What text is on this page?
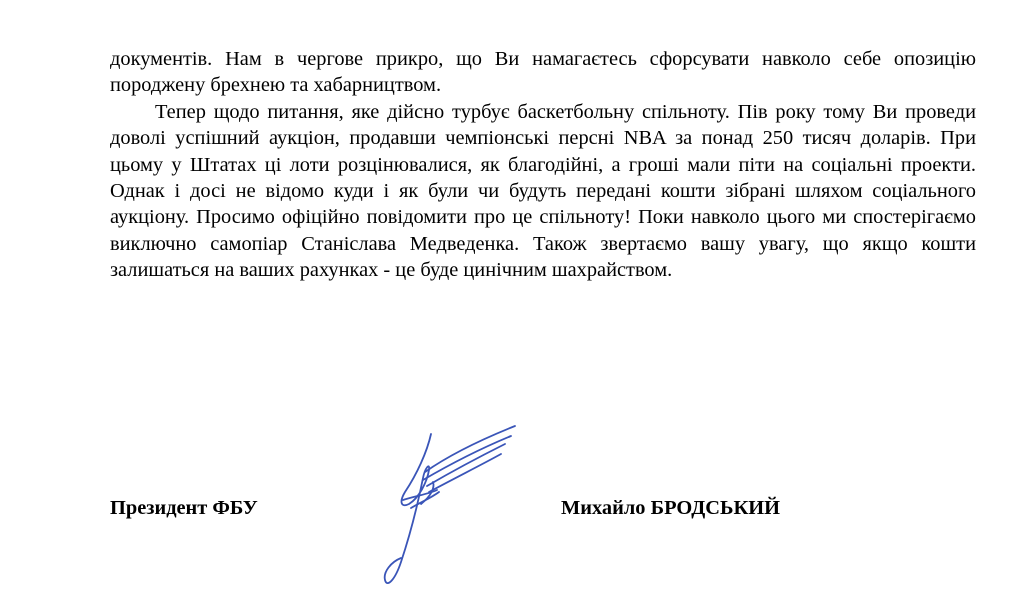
документів. Нам в чергове прикро, що Ви намагаєтесь сфорсувати навколо себе опозицію породжену брехнею та хабарництвом.

Тепер щодо питання, яке дійсно турбує баскетбольну спільноту. Пів року тому Ви проведи доволі успішний аукціон, продавши чемпіонські персні NBA за понад 250 тисяч доларів. При цьому у Штатах ці лоти розцінювалися, як благодійні, а гроші мали піти на соціальні проекти. Однак і досі не відомо куди і як були чи будуть передані кошти зібрані шляхом соціального аукціону. Просимо офіційно повідомити про це спільноту! Поки навколо цього ми спостерігаємо виключно самопіар Станіслава Медведенка. Також звертаємо вашу увагу, що якщо кошти залишаться на ваших рахунках - це буде цинічним шахрайством.

Президент ФБУ	Михайло БРОДСЬКИЙ
